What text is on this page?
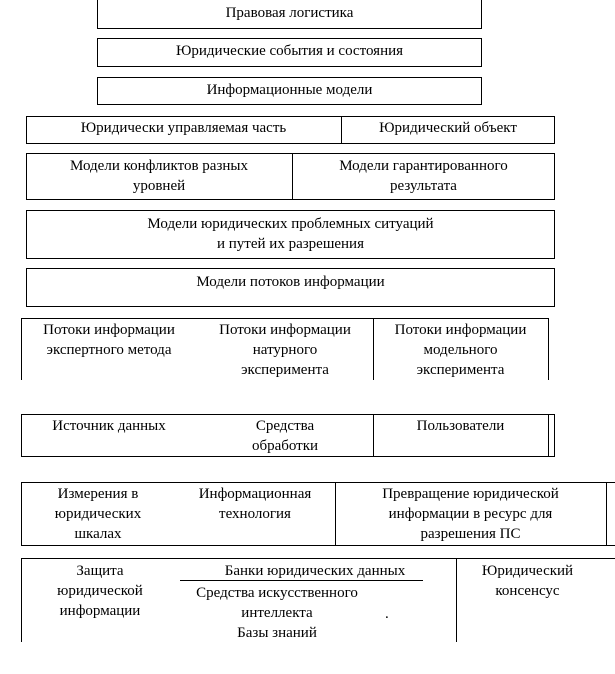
Правовая логистика
Юридические события и состояния
Информационные модели
Юридически управляемая часть	Юридический объект
Модели конфликтов разных
уровней
Модели гарантированного
результата
Модели юридических проблемных ситуаций
и путей их разрешения
Модели потоков информации
Потоки информации
экспертного метода
Потоки информации
натурного
эксперимента
Потоки информации
модельного
эксперимента
Источник данных	Средства
обработки
Пользователи
Измерения в
юридических
шкалах
Информационная
технология
Превращение юридической
информации в ресурс для
разрешения ПС
Защита
юридической
информации
Банки юридических данных
Средства искусственного
интеллекта
Базы знаний
.
Юридический
консенсус
